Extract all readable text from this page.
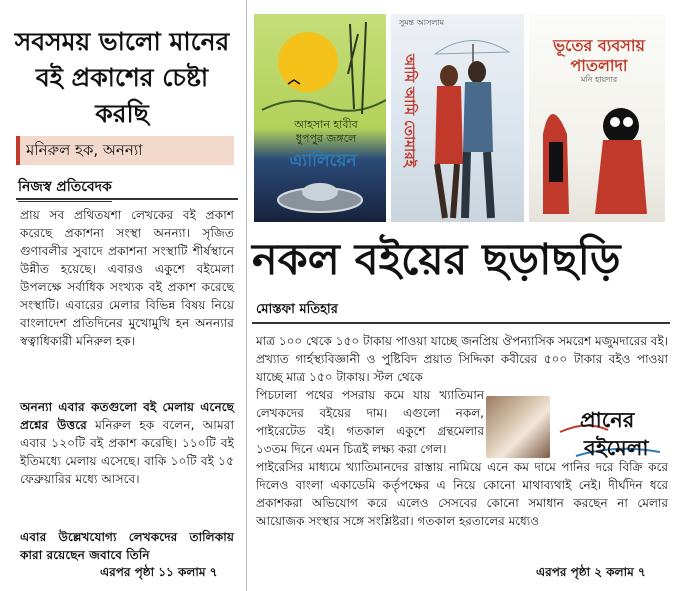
সবসময় ভালো মানের বই প্রকাশের চেষ্টা করছি
মনিরুল হক, অনন্যা
নিজস্ব প্রতিবেদক
প্রায় সব প্রথিতযশা লেখকের বই প্রকাশ করেছে প্রকাশনা সংস্থা অনন্যা। সৃজিত গুণাবলীর সুবাদে প্রকাশনা সংস্থাটি শীর্ষস্থানে উন্নীত হয়েছে। এবারও একুশে বইমেলা উপলক্ষে সর্বাধিক সংখ্যক বই প্রকাশ করেছে সংস্থাটি। এবারের মেলার বিভিন্ন বিষয় নিয়ে বাংলাদেশ প্রতিদিনের মুখোমুখি হন অনন্যার স্বত্বাধিকারী মনিরুল হক।
অনন্যা এবার কতগুলো বই মেলায় এনেছে প্রশ্নের উত্তরে মনিরুল হক বলেন, আমরা এবার ১২০টি বই প্রকাশ করেছি। ১১০টি বই ইতিমধ্যে মেলায় এসেছে। বাকি ১০টি বই ১৫ ফেব্রুয়ারির মধ্যে আসবে।
এবার উল্লেখযোগ্য লেখকদের তালিকায় কারা রয়েছেন জবাবে তিনি
এরপর পৃষ্ঠা ১১ কলাম ৭
আহসান হাবীব
ধুপপুর জঙ্গলে
এ্যালিয়েন
সুমন্ত আসলাম
আমি আমি তোমারই
ভূতের ব্যবসায় পাতলাদা
মনি হায়দার
নকল বইয়ের ছড়াছড়ি
মোস্তফা মতিহার
মাত্র ১০০ থেকে ১৫০ টাকায় পাওয়া যাচ্ছে জনপ্রিয় ঔপন্যাসিক সমরেশ মজুমদারের বই। প্রখ্যাত গার্হস্থ্যবিজ্ঞানী ও পুষ্টিবিদ প্রয়াত সিদ্দিকা কবীরের ৫০০ টাকার বইও পাওয়া যাচ্ছে মাত্র ১৫০ টাকায়। স্টল থেকে
পিচঢালা পথের পসরায় কমে যায় খ্যাতিমান লেখকদের বইয়ের দাম। এগুলো নকল, পাইরেটেড বই। গতকাল একুশে গ্রন্থমেলার ১৩তম দিনে এমন চিত্রই লক্ষ্য করা গেল।
পাইরেসির মাধ্যমে খ্যাতিমানদের রাস্তায় নামিয়ে এনে কম দামে পানির দরে বিক্রি করে দিলেও বাংলা একাডেমি কর্তৃপক্ষের এ নিয়ে কোনো মাথাব্যথাই নেই। দীর্ঘদিন ধরে প্রকাশকরা অভিযোগ করে এলেও সেসবের কোনো সমাধান করছেন না মেলার আয়োজক সংস্থার সঙ্গে সংশ্লিষ্টরা। গতকাল হরতালের মধ্যেও
এরপর পৃষ্ঠা ২ কলাম ৭
প্রানের
বইমেলা
